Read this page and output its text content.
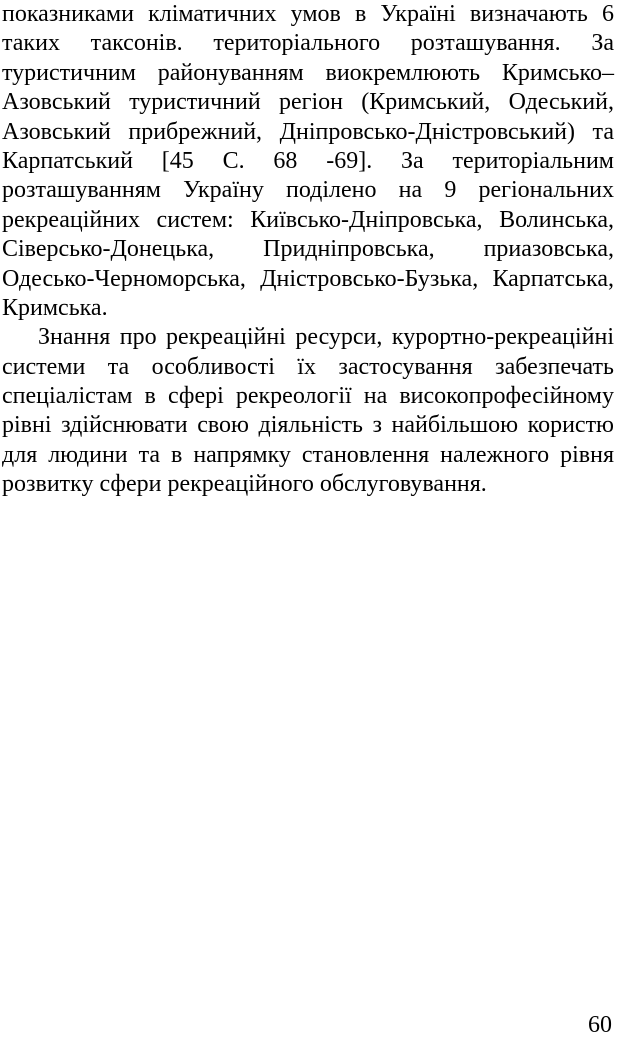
показниками кліматичних умов в Україні визначають 6
таких таксонів. територіального розташування. За
туристичним районуванням виокремлюють Кримсько–
Азовський туристичний регіон (Кримський, Одеський,
Азовський прибрежний, Дніпровсько-Дністровський) та
Карпатський [45 С. 68 -69]. За територіальним
розташуванням Україну поділено на 9 регіональних
рекреаційних систем: Київсько-Дніпровська, Волинська,
Сіверсько-Донецька, Придніпровська, приазовська,
Одесько-Черноморська, Дністровсько-Бузька, Карпатська,
Кримська.
Знання про рекреаційні ресурси, курортно-рекреаційні
системи та особливості їх застосування забезпечать
спеціалістам в сфері рекреології на високопрофесійному
рівні здійснювати свою діяльність з найбільшою користю
для людини та в напрямку становлення належного рівня
розвитку сфери рекреаційного обслуговування.
60
